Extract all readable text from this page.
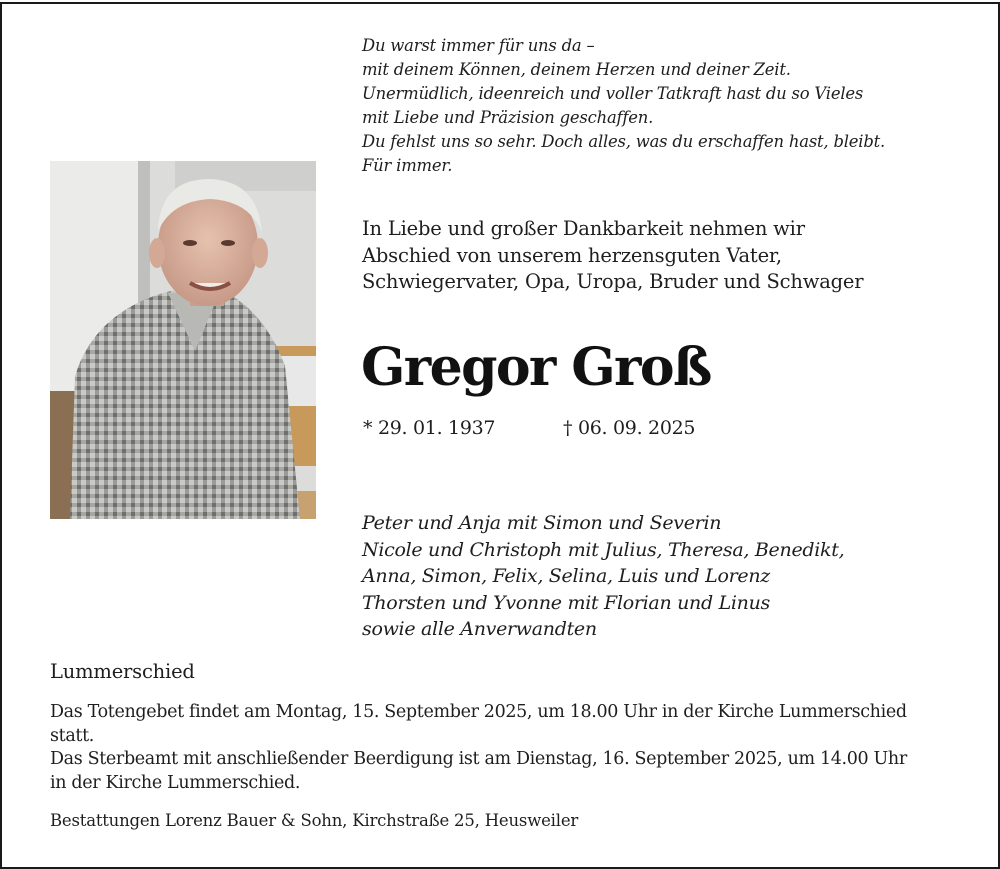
Du warst immer für uns da –
mit deinem Können, deinem Herzen und deiner Zeit.
Unermüdlich, ideenreich und voller Tatkraft hast du so Vieles
mit Liebe und Präzision geschaffen.
Du fehlst uns so sehr. Doch alles, was du erschaffen hast, bleibt.
Für immer.
In Liebe und großer Dankbarkeit nehmen wir
Abschied von unserem herzensguten Vater,
Schwiegervater, Opa, Uropa, Bruder und Schwager
Gregor Groß
* 29. 01. 1937	† 06. 09. 2025
Peter und Anja mit Simon und Severin
Nicole und Christoph mit Julius, Theresa, Benedikt,
Anna, Simon, Felix, Selina, Luis und Lorenz
Thorsten und Yvonne mit Florian und Linus
sowie alle Anverwandten
Lummerschied
Das Totengebet findet am Montag, 15. September 2025, um 18.00 Uhr in der Kirche Lummerschied
statt.
Das Sterbeamt mit anschließender Beerdigung ist am Dienstag, 16. September 2025, um 14.00 Uhr
in der Kirche Lummerschied.
Bestattungen Lorenz Bauer & Sohn, Kirchstraße 25, Heusweiler
